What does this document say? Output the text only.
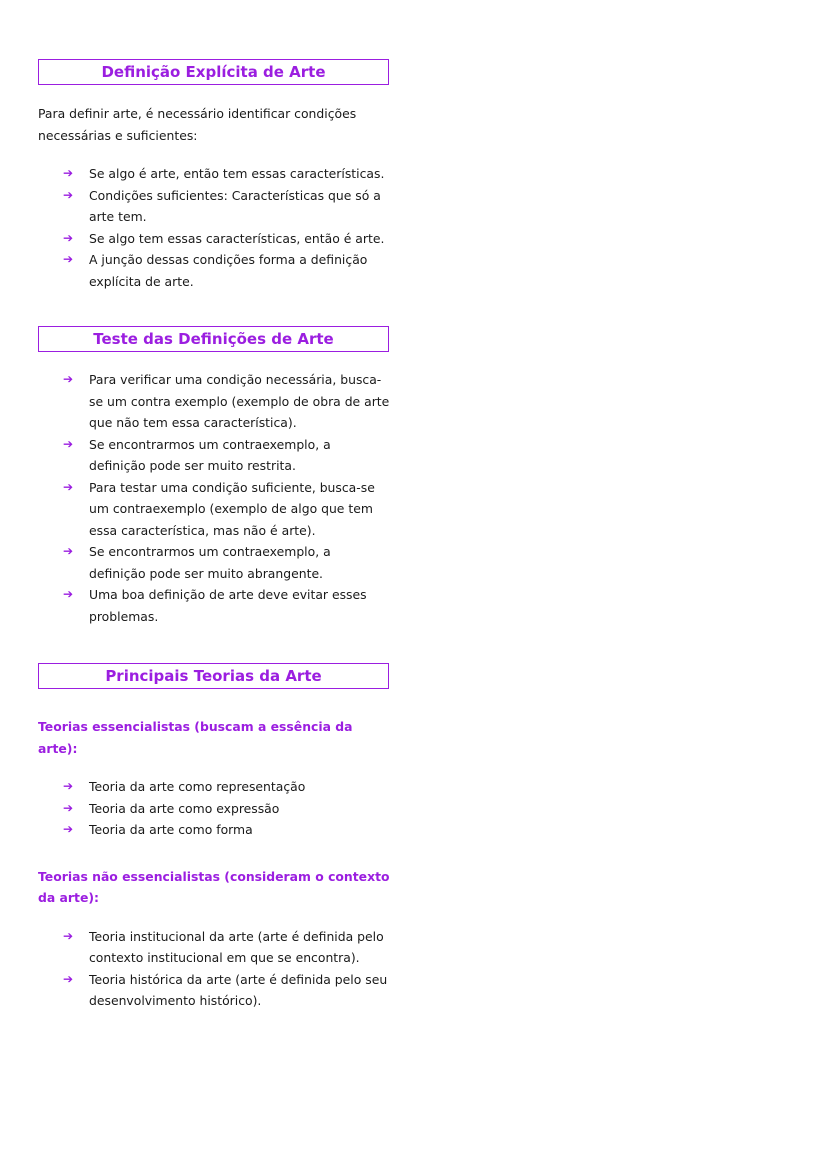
Definição Explícita de Arte

Para definir arte, é necessário identificar condições necessárias e suficientes:

➔ Se algo é arte, então tem essas características.
➔ Condições suficientes: Características que só a arte tem.
➔ Se algo tem essas características, então é arte.
➔ A junção dessas condições forma a definição explícita de arte.
Teste das Definições de Arte
➔ Para verificar uma condição necessária, busca-se um contra exemplo (exemplo de obra de arte que não tem essa característica).
➔ Se encontrarmos um contraexemplo, a definição pode ser muito restrita.
➔ Para testar uma condição suficiente, busca-se um contraexemplo (exemplo de algo que tem essa característica, mas não é arte).
➔ Se encontrarmos um contraexemplo, a definição pode ser muito abrangente.
➔ Uma boa definição de arte deve evitar esses problemas.
Principais Teorias da Arte

Teorias essencialistas (buscam a essência da arte):

➔ Teoria da arte como representação
➔ Teoria da arte como expressão
➔ Teoria da arte como forma

Teorias não essencialistas (consideram o contexto da arte):

➔ Teoria institucional da arte (arte é definida pelo contexto institucional em que se encontra).
➔ Teoria histórica da arte (arte é definida pelo seu desenvolvimento histórico).
